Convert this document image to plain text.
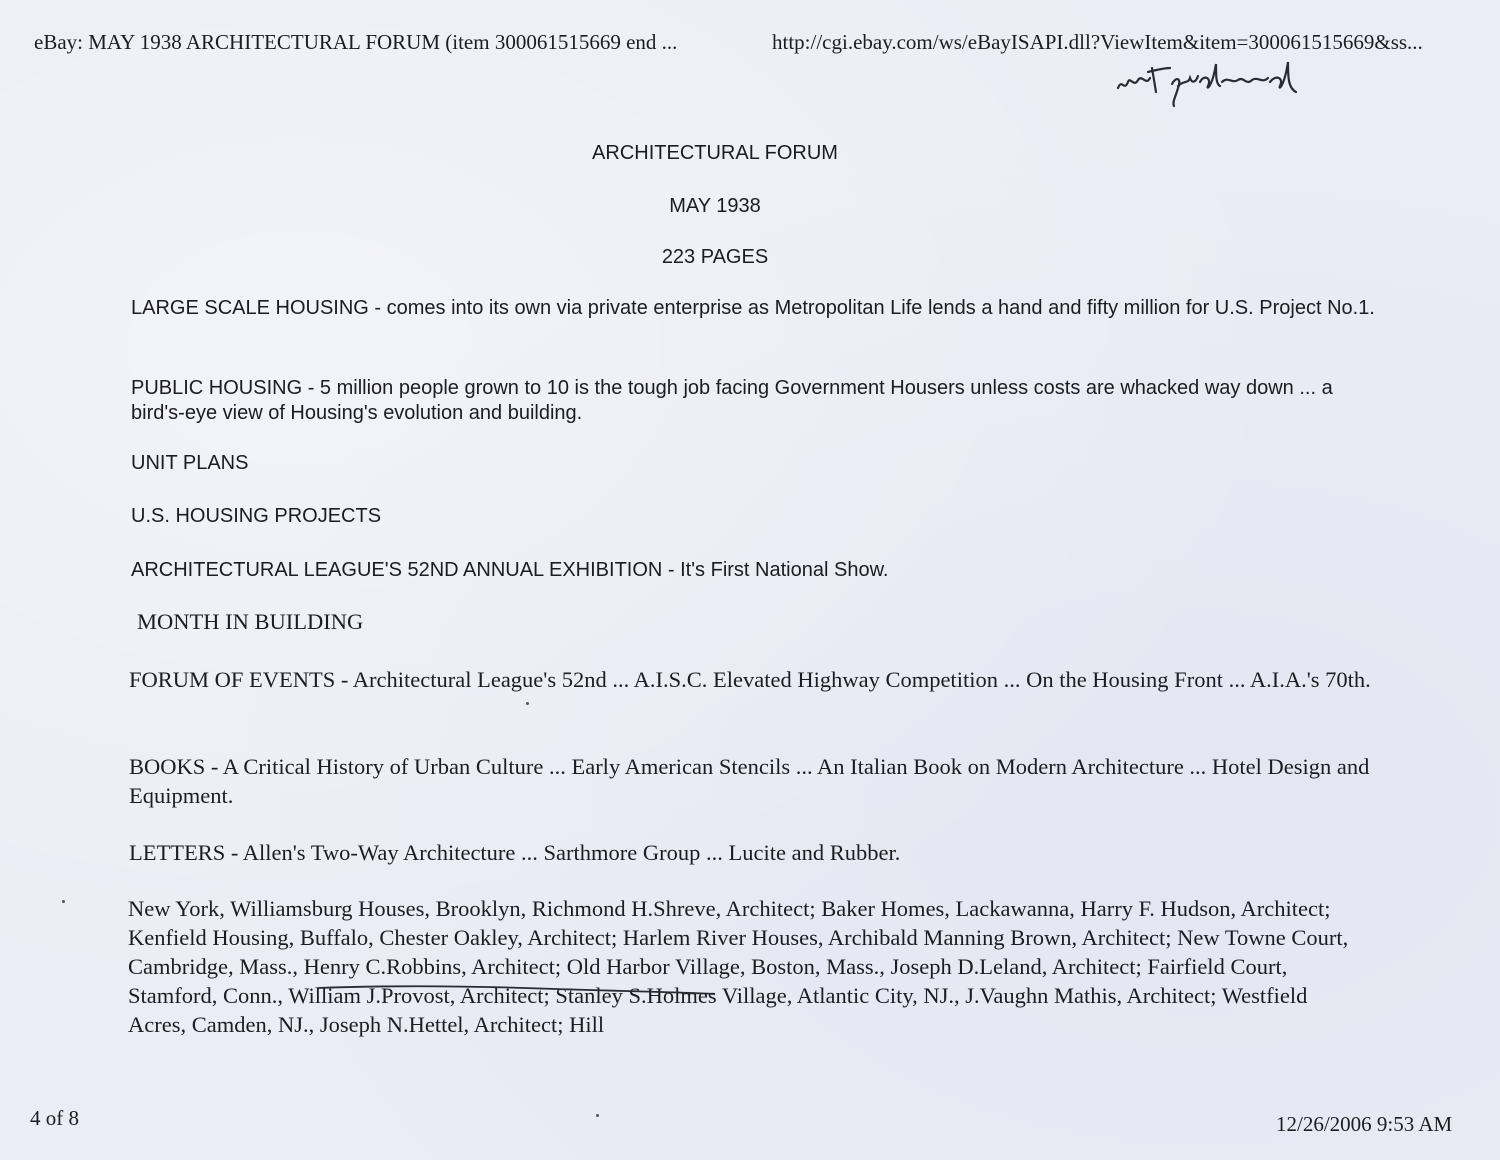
eBay: MAY 1938 ARCHITECTURAL FORUM (item 300061515669 end ...	http://cgi.ebay.com/ws/eBayISAPI.dll?ViewItem&item=300061515669&ss...
ARCHITECTURAL FORUM
MAY 1938
223 PAGES

LARGE SCALE HOUSING - comes into its own via private enterprise as Metropolitan Life lends a hand and fifty million for U.S. Project No.1.

PUBLIC HOUSING - 5 million people grown to 10 is the tough job facing Government Housers unless costs are whacked way down ... a bird's-eye view of Housing's evolution and building.

UNIT PLANS

U.S. HOUSING PROJECTS

ARCHITECTURAL LEAGUE'S 52ND ANNUAL EXHIBITION - It's First National Show.

MONTH IN BUILDING

FORUM OF EVENTS - Architectural League's 52nd ... A.I.S.C. Elevated Highway Competition ... On the Housing Front ... A.I.A.'s 70th.

BOOKS - A Critical History of Urban Culture ... Early American Stencils ... An Italian Book on Modern Architecture ... Hotel Design and Equipment.

LETTERS - Allen's Two-Way Architecture ... Sarthmore Group ... Lucite and Rubber.

New York, Williamsburg Houses, Brooklyn, Richmond H.Shreve, Architect; Baker Homes, Lackawanna, Harry F. Hudson, Architect; Kenfield Housing, Buffalo, Chester Oakley, Architect; Harlem River Houses, Archibald Manning Brown, Architect; New Towne Court, Cambridge, Mass., Henry C.Robbins, Architect; Old Harbor Village, Boston, Mass., Joseph D.Leland, Architect; Fairfield Court, Stamford, Conn., William J.Provost, Architect; Stanley S.Holmes Village, Atlantic City, NJ., J.Vaughn Mathis, Architect; Westfield Acres, Camden, NJ., Joseph N.Hettel, Architect; Hill

4 of 8	12/26/2006 9:53 AM
